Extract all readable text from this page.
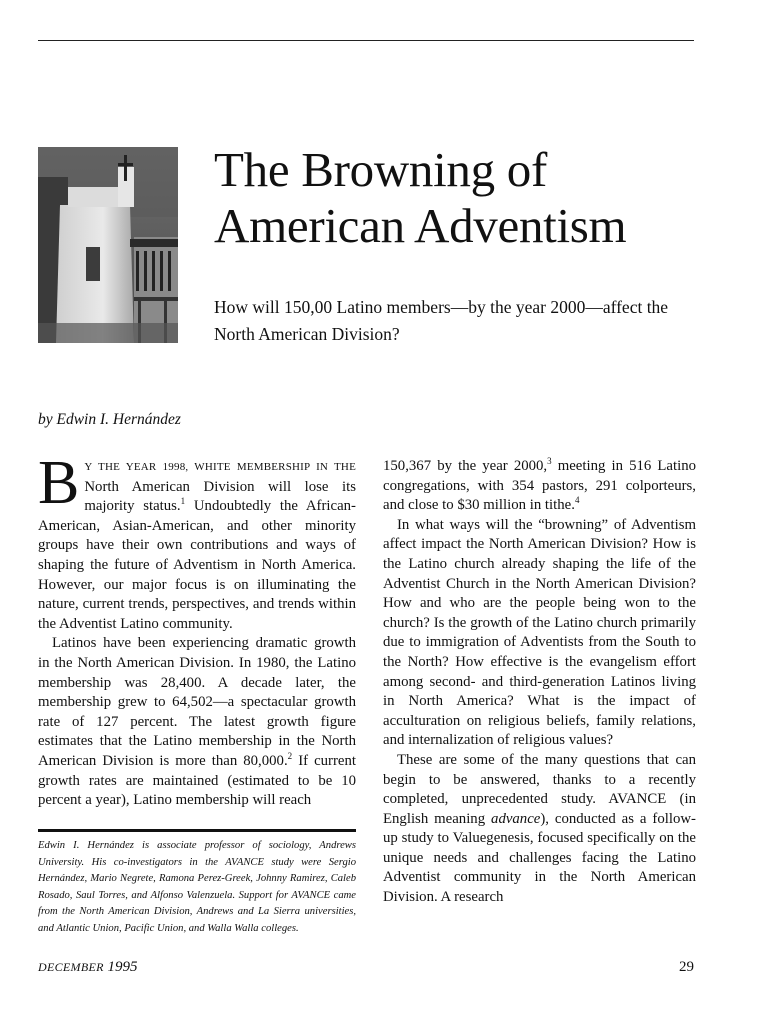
The Browning of
American Adventism

How will 150,00 Latino members—by the year 2000—affect the North American Division?

by Edwin I. Hernández

B Y THE YEAR 1998, WHITE MEMBERSHIP IN THE North American Division will lose its majority status.$^1$ Undoubtedly the African-American, Asian-American, and other minority groups have their own contributions and ways of shaping the future of Adventism in North America. However, our major focus is on illuminating the nature, current trends, perspectives, and trends within the Adventist Latino community.

Latinos have been experiencing dramatic growth in the North American Division. In 1980, the Latino membership was 28,400. A decade later, the membership grew to 64,502—a spectacular growth rate of 127 percent. The latest growth figure estimates that the Latino membership in the North American Division is more than 80,000.$^2$ If current growth rates are maintained (estimated to be 10 percent a year), Latino membership will reach

150,367 by the year 2000,$^3$ meeting in 516 Latino congregations, with 354 pastors, 291 colporteurs, and close to $30 million in tithe.$^4$

In what ways will the “browning” of Adventism affect impact the North American Division? How is the Latino church already shaping the life of the Adventist Church in the North American Division? How and who are the people being won to the church? Is the growth of the Latino church primarily due to immigration of Adventists from the South to the North? How effective is the evangelism effort among second- and third-generation Latinos living in North America? What is the impact of acculturation on religious beliefs, family relations, and internalization of religious values?

These are some of the many questions that can begin to be answered, thanks to a recently completed, unprecedented study. AVANCE (in English meaning advance), conducted as a follow-up study to Valuegenesis, focused specifically on the unique needs and challenges facing the Latino Adventist community in the North American Division. A research

Edwin I. Hernández is associate professor of sociology, Andrews University. His co-investigators in the AVANCE study were Sergio Hernández, Mario Negrete, Ramona Perez-Greek, Johnny Ramirez, Caleb Rosado, Saul Torres, and Alfonso Valenzuela. Support for AVANCE came from the North American Division, Andrews and La Sierra universities, and Atlantic Union, Pacific Union, and Walla Walla colleges.

DECEMBER 1995	29
